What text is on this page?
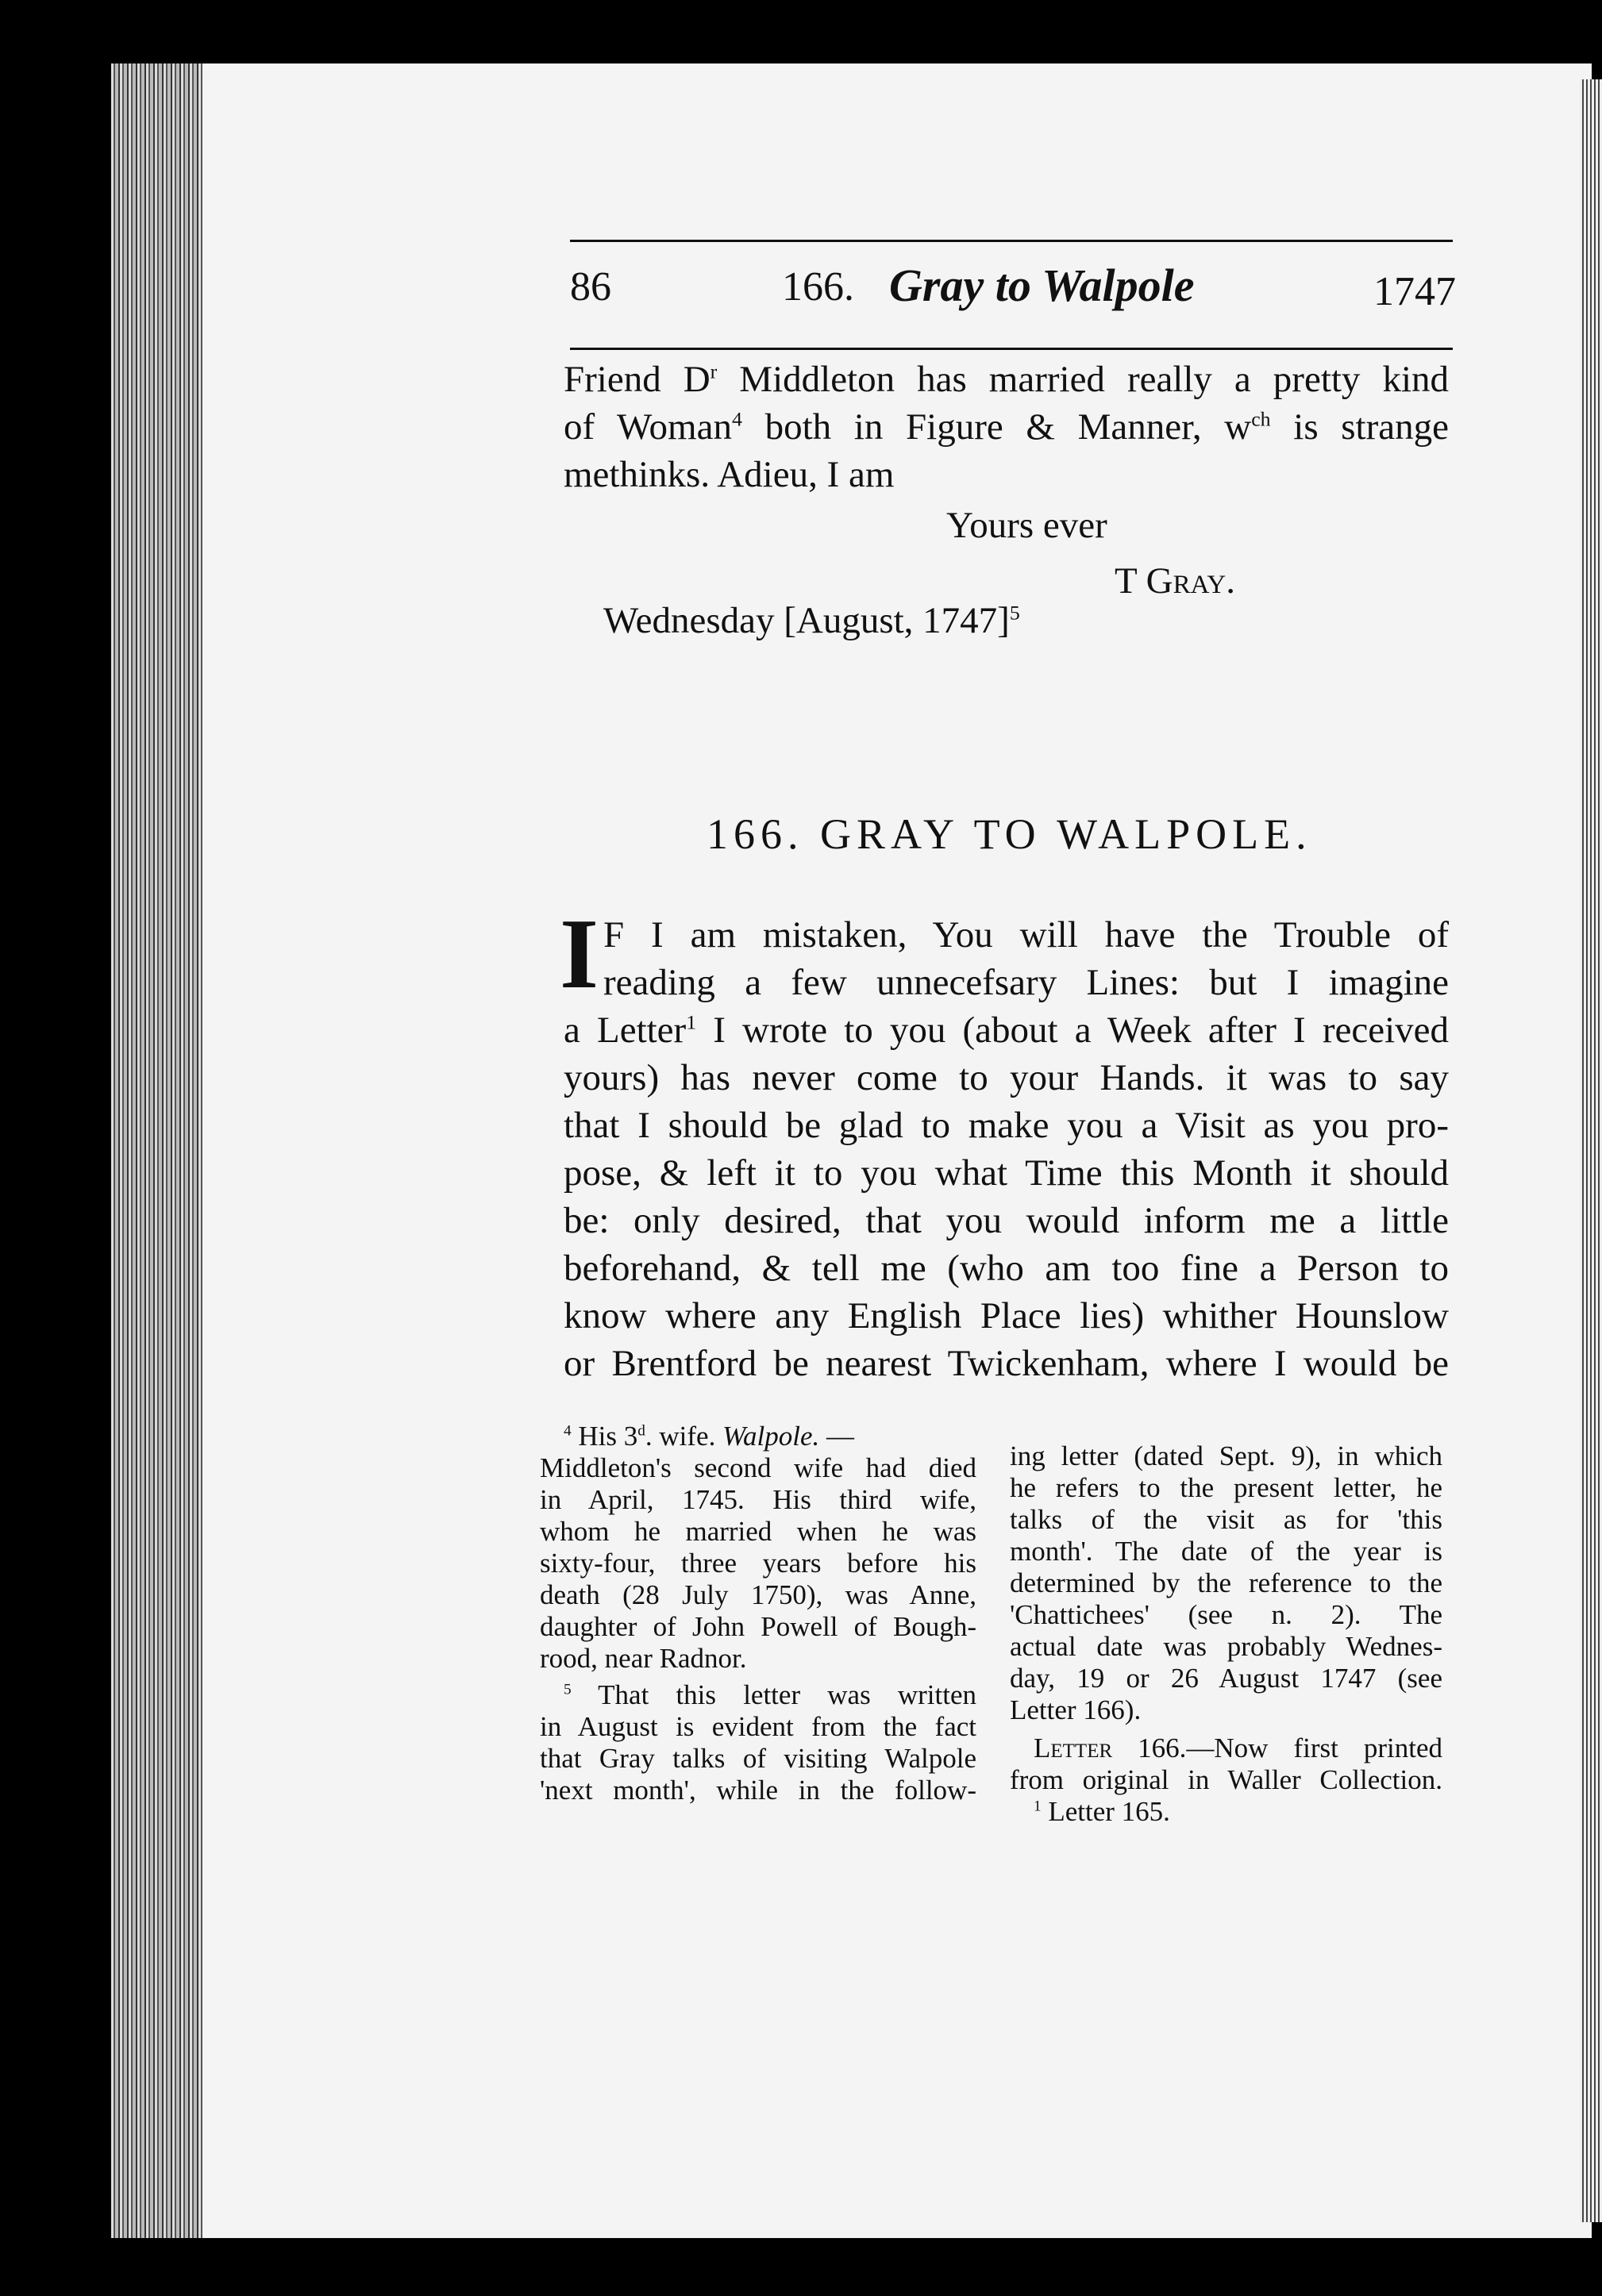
86	166. Gray to Walpole	1747
Friend $D^r$ Middleton has married really a pretty kind
of Woman$^4$ both in Figure & Manner, $w^{ch}$ is strange
methinks. Adieu, I am
Yours ever
T Gray.
Wednesday [August, 1747]$^5$
166. GRAY TO WALPOLE.
I F I am mistaken, You will have the Trouble of
reading a few unnecefsary Lines: but I imagine
a Letter$^1$ I wrote to you (about a Week after I received
yours) has never come to your Hands. it was to say
that I should be glad to make you a Visit as you pro-
pose, & left it to you what Time this Month it should
be: only desired, that you would inform me a little
beforehand, & tell me (who am too fine a Person to
know where any English Place lies) whither Hounslow
or Brentford be nearest Twickenham, where I would be
$^4$ His 3$^d$. wife. Walpole. —
Middleton's second wife had died
in April, 1745. His third wife,
whom he married when he was
sixty-four, three years before his
death (28 July 1750), was Anne,
daughter of John Powell of Bough-
rood, near Radnor.
$^5$ That this letter was written
in August is evident from the fact
that Gray talks of visiting Walpole
'next month', while in the follow-
ing letter (dated Sept. 9), in which
he refers to the present letter, he
talks of the visit as for 'this
month'. The date of the year is
determined by the reference to the
'Chattichees' (see n. 2). The
actual date was probably Wednes-
day, 19 or 26 August 1747 (see
Letter 166).
Letter 166.—Now first printed
from original in Waller Collection.
$^1$ Letter 165.
